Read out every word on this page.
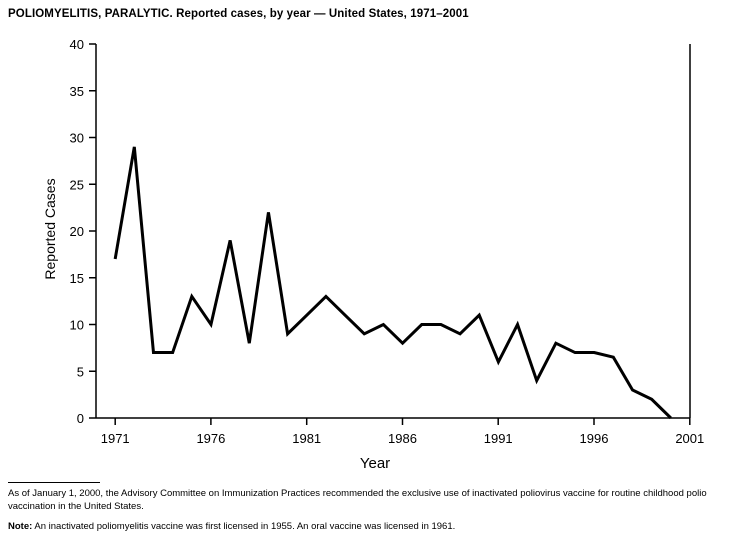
POLIOMYELITIS, PARALYTIC. Reported cases, by year — United States, 1971–2001
0
5
10
15
20
25
30
35
40
1971	1976	1981	1986	1991	1996	2001
Reported Cases
Year
As of January 1, 2000, the Advisory Committee on Immunization Practices recommended the exclusive use of inactivated poliovirus vaccine for routine childhood polio vaccination in the United States.
Note: An inactivated poliomyelitis vaccine was first licensed in 1955. An oral vaccine was licensed in 1961.
